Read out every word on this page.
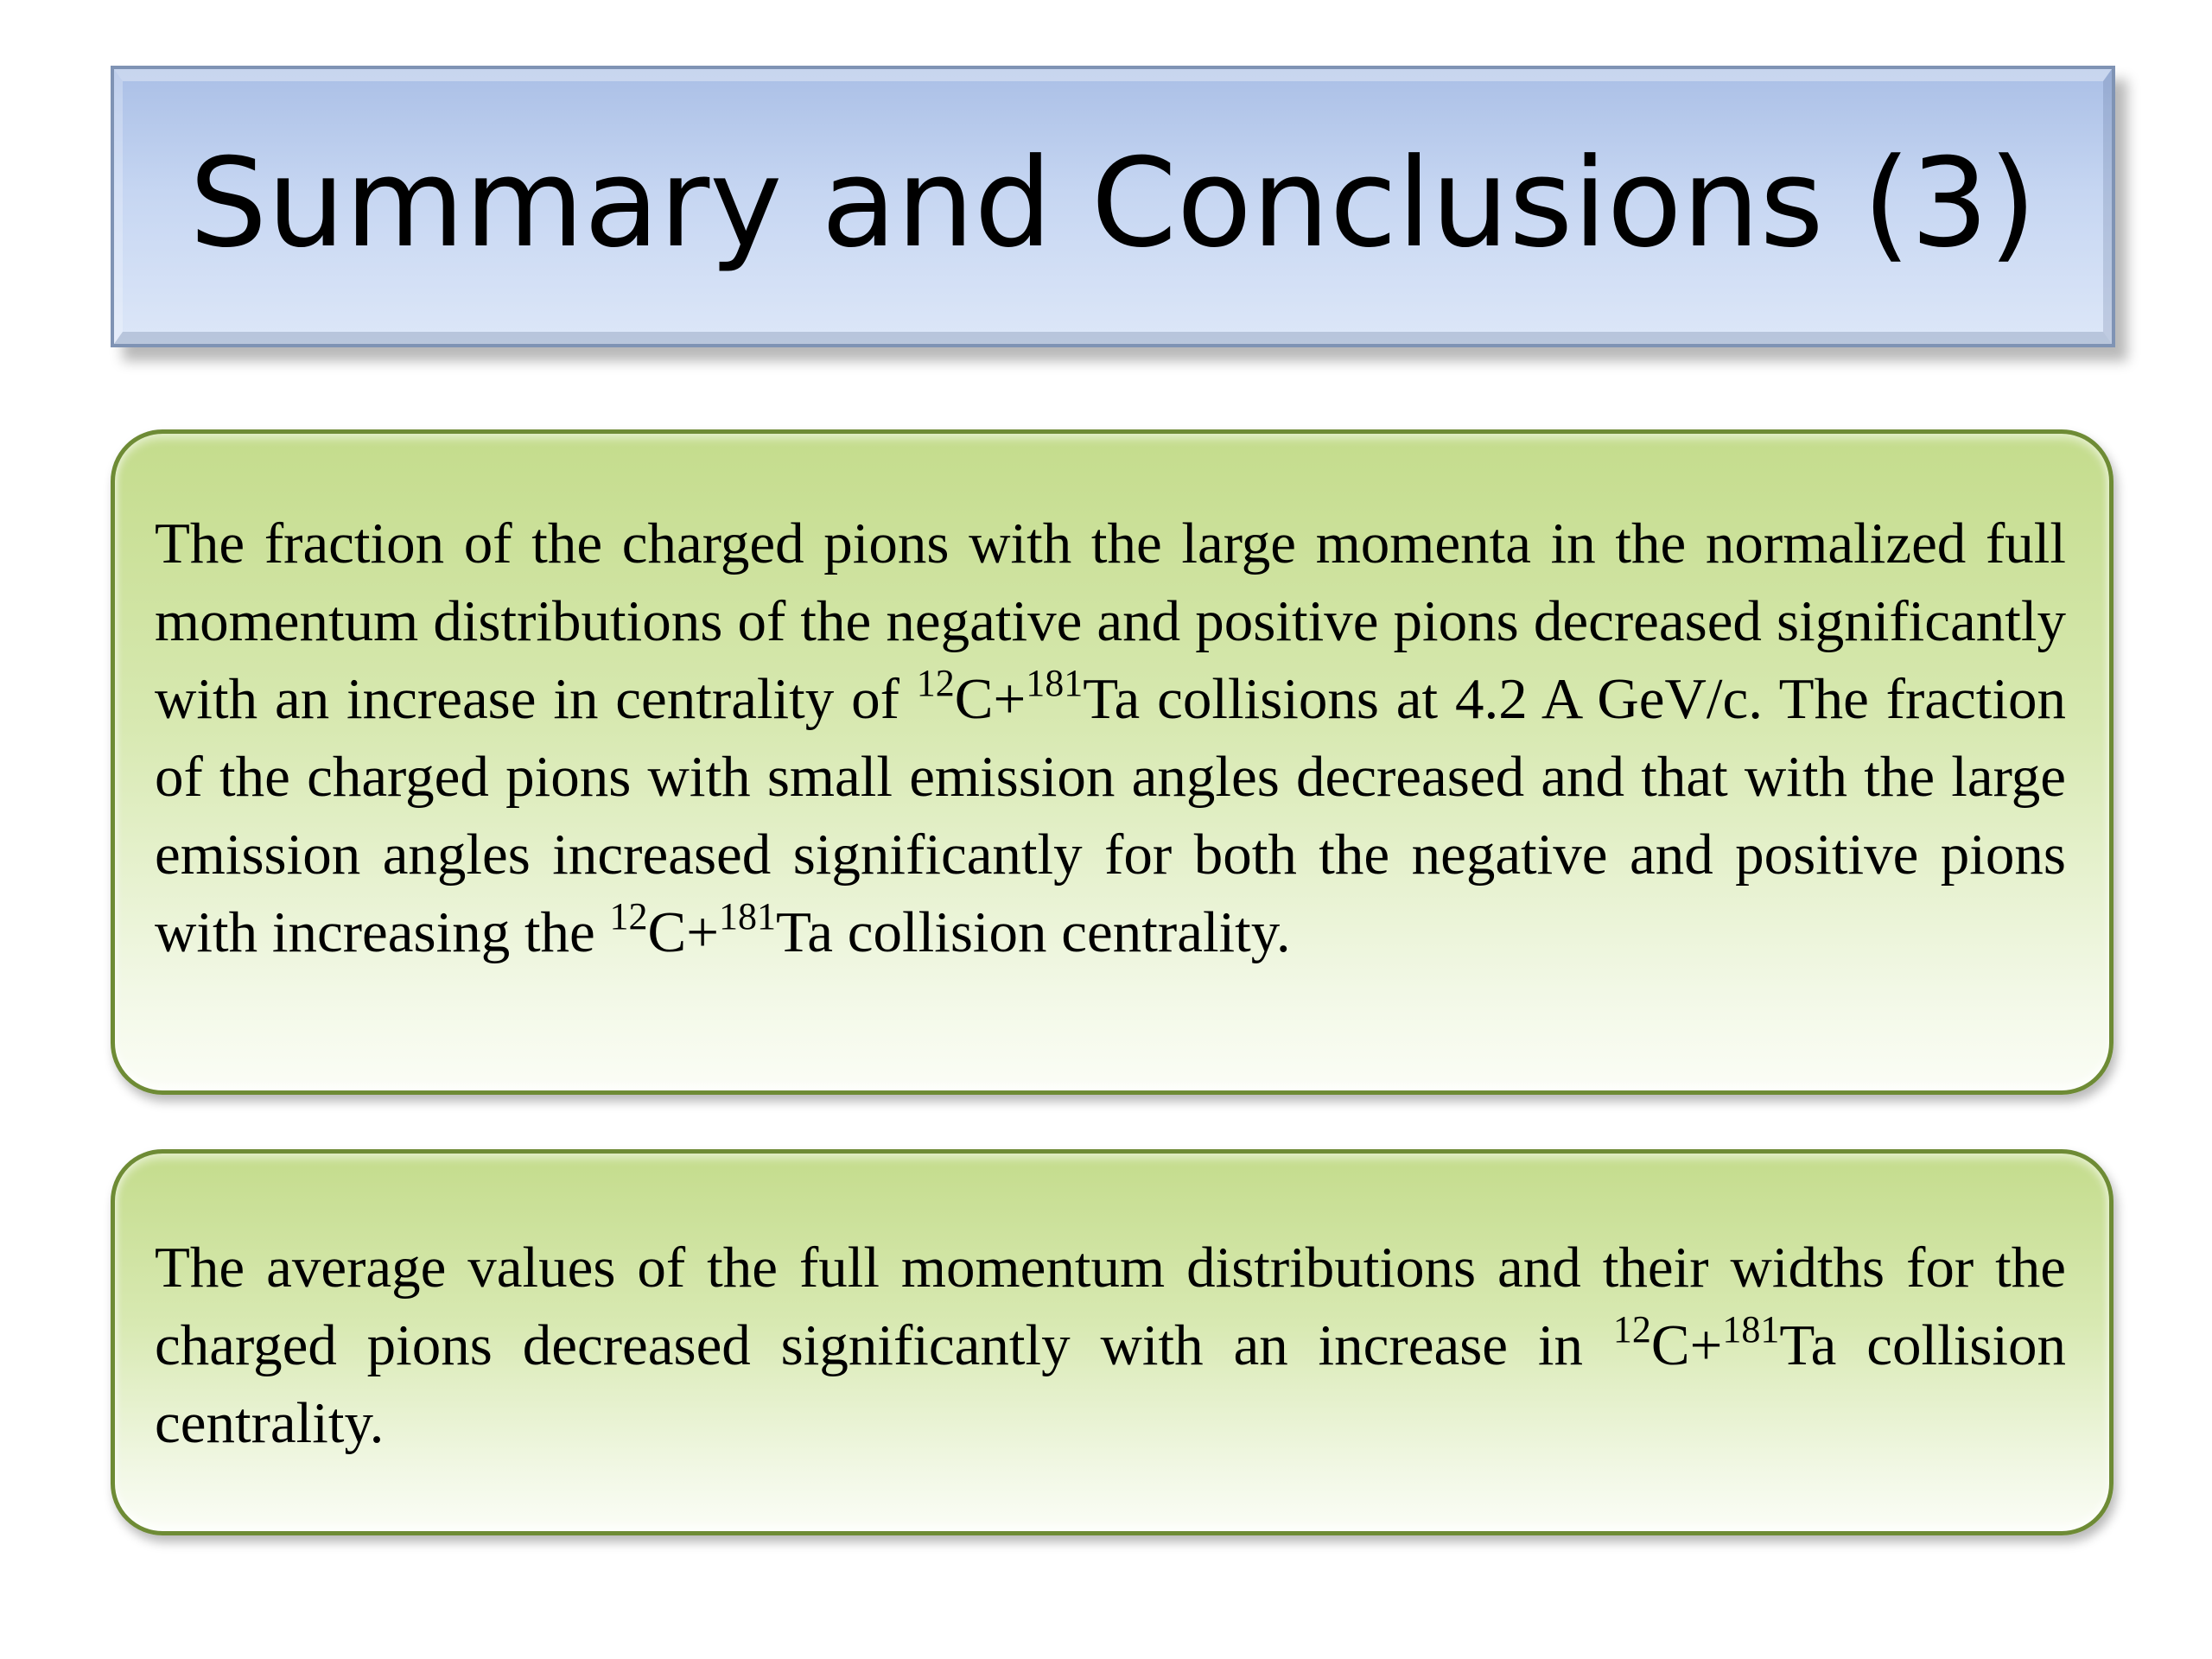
Summary and Conclusions (3)

The fraction of the charged pions with the large momenta in the normalized full momentum distributions of the negative and positive pions decreased significantly with an increase in centrality of $^{12}$C+$^{181}$Ta collisions at 4.2 A GeV/c. The fraction of the charged pions with small emission angles decreased and that with the large emission angles increased significantly for both the negative and positive pions with increasing the $^{12}$C+$^{181}$Ta collision centrality.

The average values of the full momentum distributions and their widths for the charged pions decreased significantly with an increase in $^{12}$C+$^{181}$Ta collision centrality.
